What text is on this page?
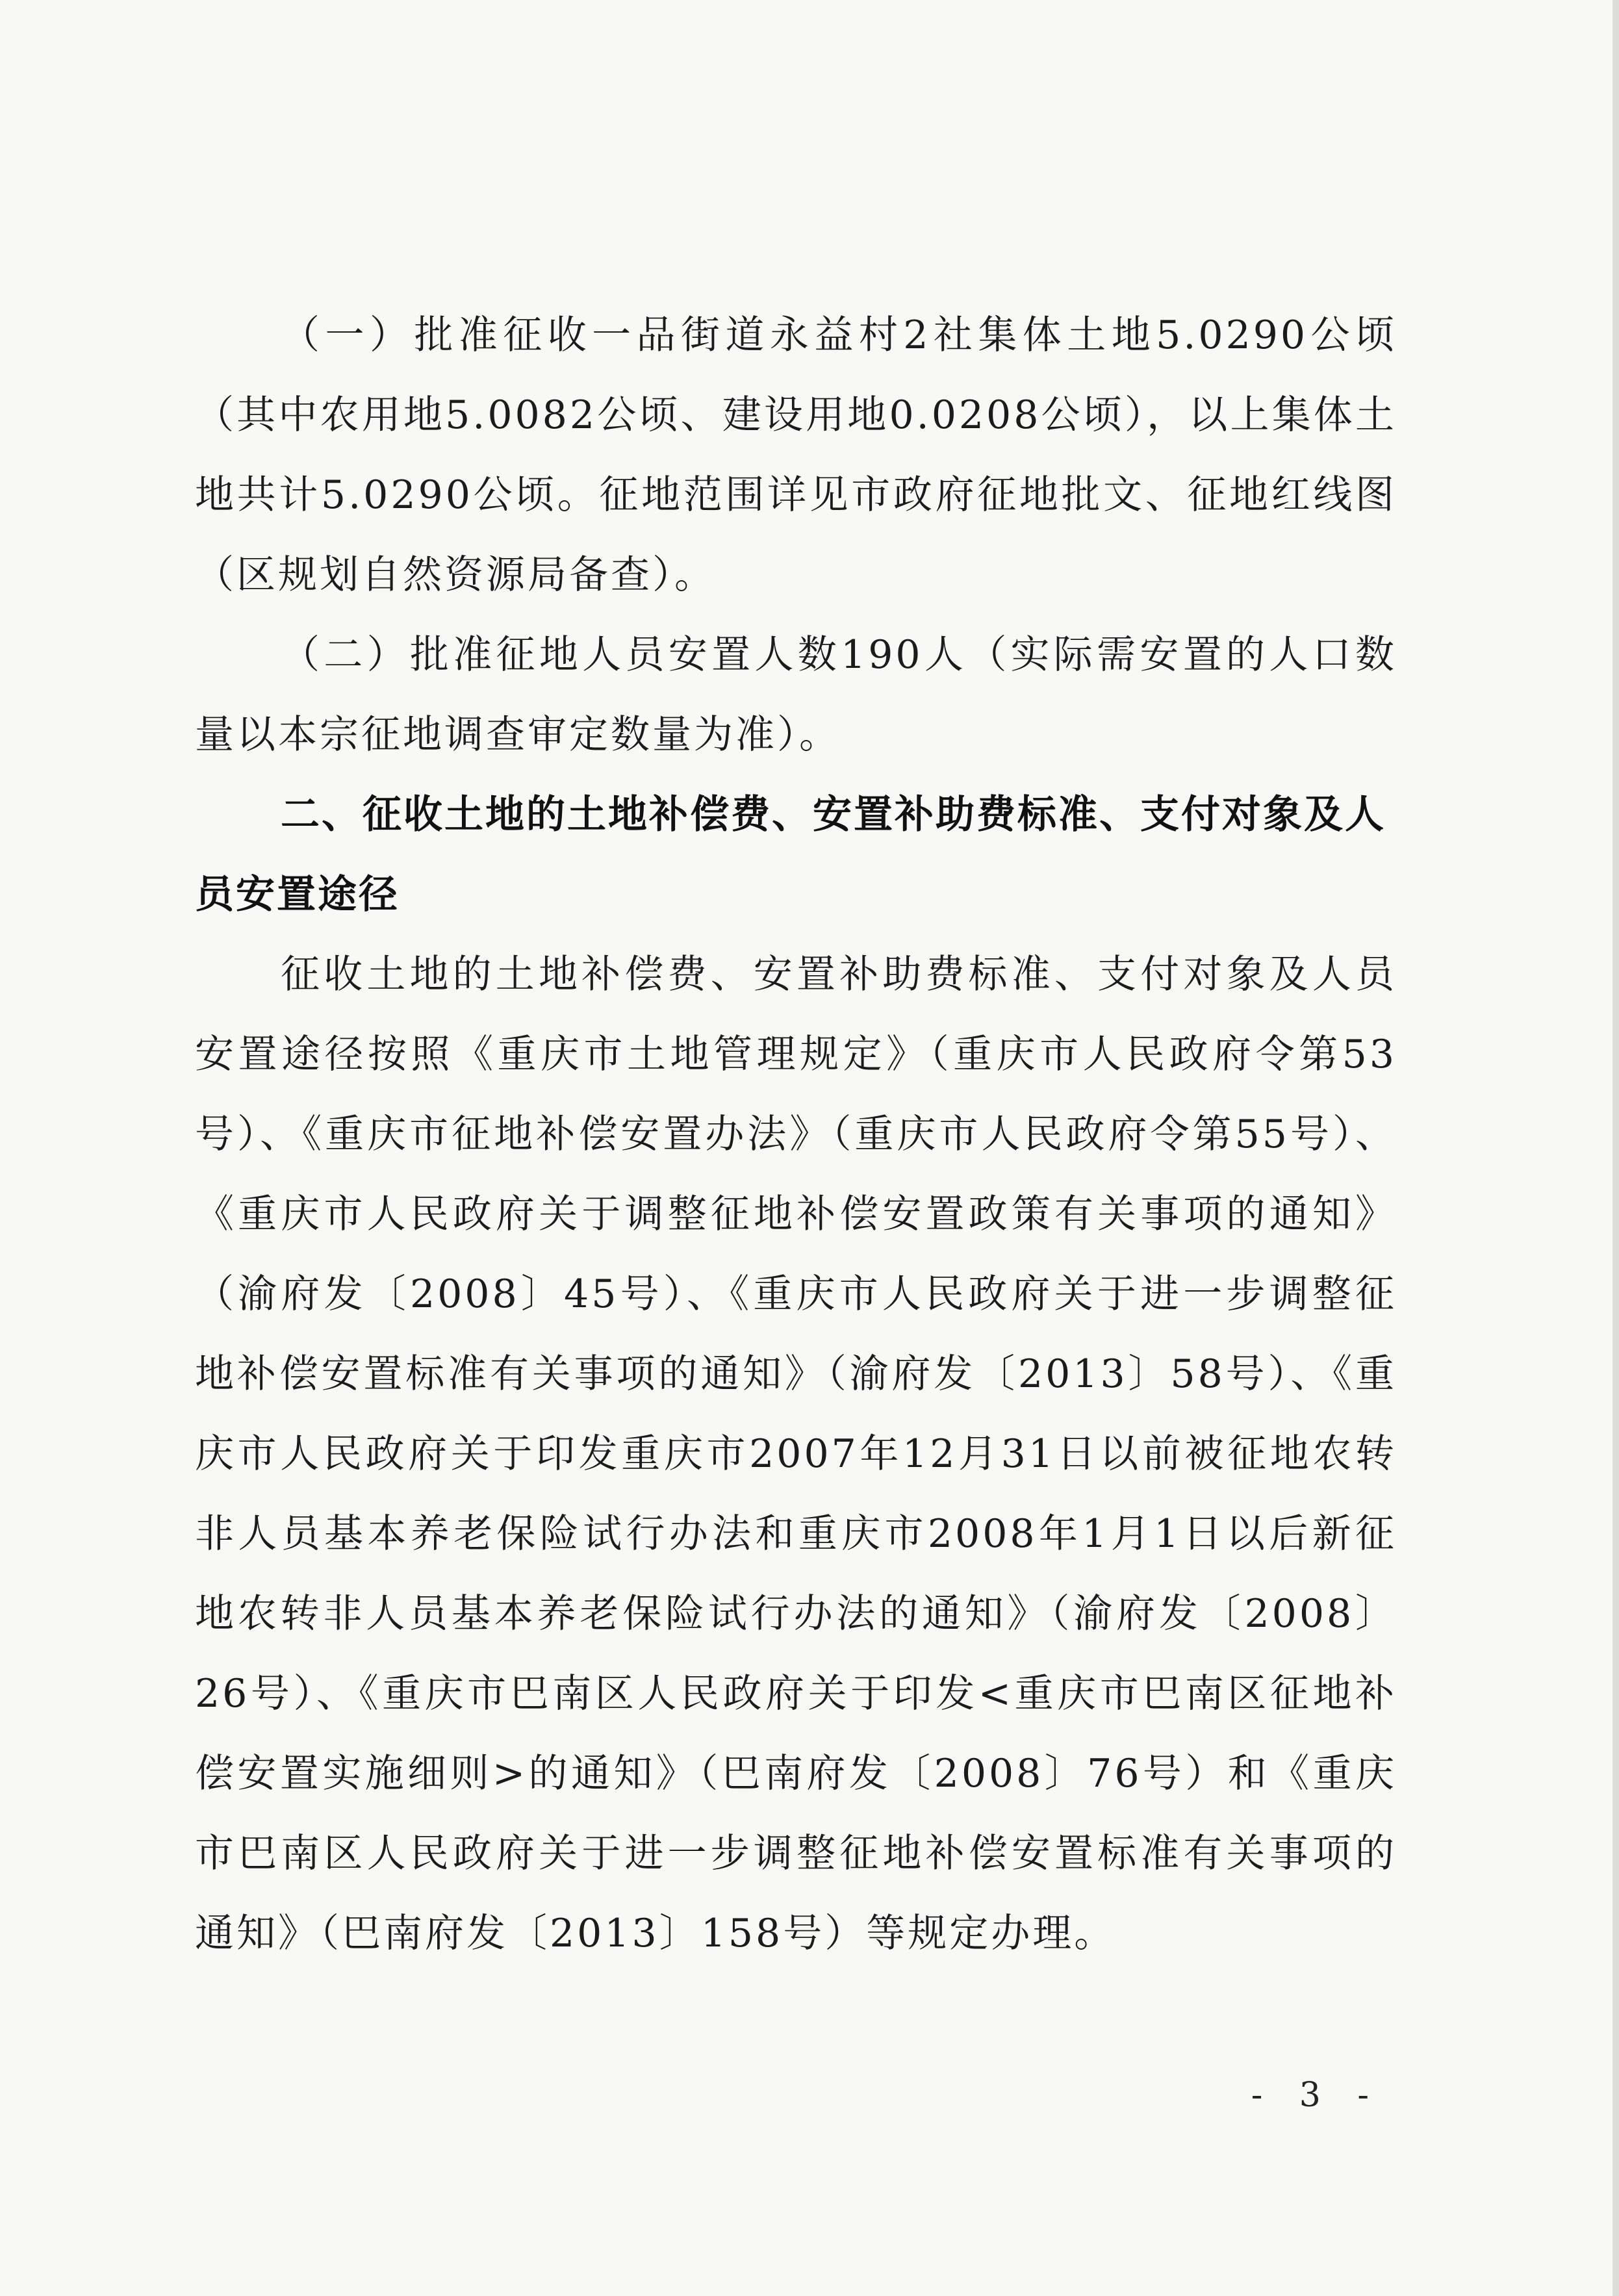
（一）批准征收一品街道永益村2社集体土地5.0290公顷（其中农用地5.0082公顷、建设用地0.0208公顷），以上集体土地共计5.0290公顷。征地范围详见市政府征地批文、征地红线图（区规划自然资源局备查）。

（二）批准征地人员安置人数190人（实际需安置的人口数量以本宗征地调查审定数量为准）。

二、征收土地的土地补偿费、安置补助费标准、支付对象及人员安置途径

征收土地的土地补偿费、安置补助费标准、支付对象及人员安置途径按照《重庆市土地管理规定》（重庆市人民政府令第53号）、《重庆市征地补偿安置办法》（重庆市人民政府令第55号）、《重庆市人民政府关于调整征地补偿安置政策有关事项的通知》（渝府发〔2008〕45号）、《重庆市人民政府关于进一步调整征地补偿安置标准有关事项的通知》（渝府发〔2013〕58号）、《重庆市人民政府关于印发重庆市2007年12月31日以前被征地农转非人员基本养老保险试行办法和重庆市2008年1月1日以后新征地农转非人员基本养老保险试行办法的通知》（渝府发〔2008〕26号）、《重庆市巴南区人民政府关于印发<重庆市巴南区征地补偿安置实施细则>的通知》（巴南府发〔2008〕76号）和《重庆市巴南区人民政府关于进一步调整征地补偿安置标准有关事项的通知》（巴南府发〔2013〕158号）等规定办理。

- 3 -
